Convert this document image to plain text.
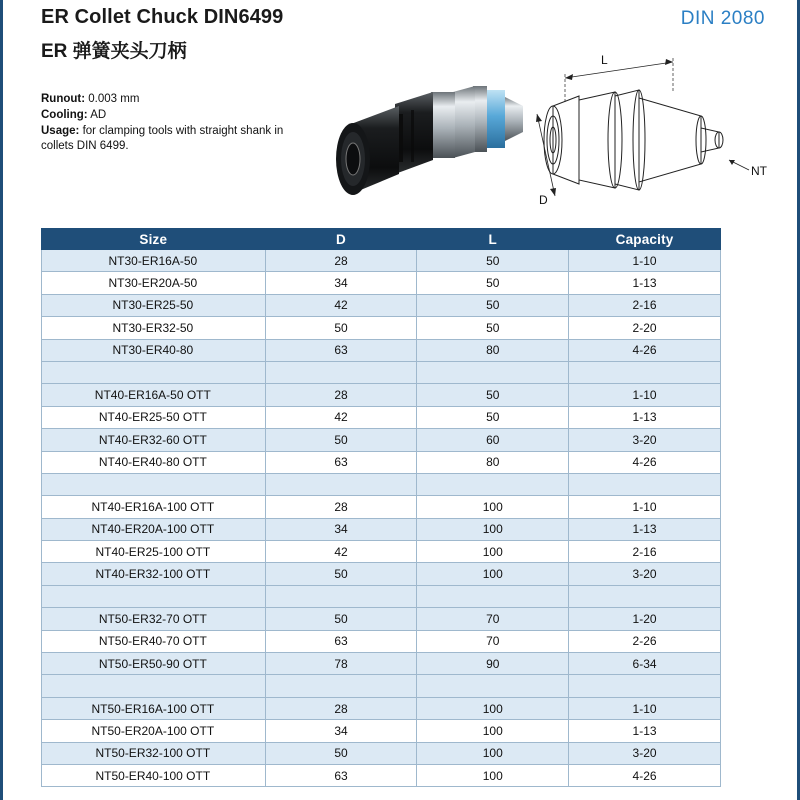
ER Collet Chuck DIN6499
ER 弹簧夹头刀柄
DIN 2080
Runout: 0.003 mm
Cooling: AD
Usage: for clamping tools with straight shank in collets DIN 6499.
L
D
NT
Size	D	L	Capacity
NT30-ER16A-50	28	50	1-10
NT30-ER20A-50	34	50	1-13
NT30-ER25-50	42	50	2-16
NT30-ER32-50	50	50	2-20
NT30-ER40-80	63	80	4-26

NT40-ER16A-50 OTT	28	50	1-10
NT40-ER25-50 OTT	42	50	1-13
NT40-ER32-60 OTT	50	60	3-20
NT40-ER40-80 OTT	63	80	4-26

NT40-ER16A-100 OTT	28	100	1-10
NT40-ER20A-100 OTT	34	100	1-13
NT40-ER25-100 OTT	42	100	2-16
NT40-ER32-100 OTT	50	100	3-20

NT50-ER32-70 OTT	50	70	1-20
NT50-ER40-70 OTT	63	70	2-26
NT50-ER50-90 OTT	78	90	6-34

NT50-ER16A-100 OTT	28	100	1-10
NT50-ER20A-100 OTT	34	100	1-13
NT50-ER32-100 OTT	50	100	3-20
NT50-ER40-100 OTT	63	100	4-26
